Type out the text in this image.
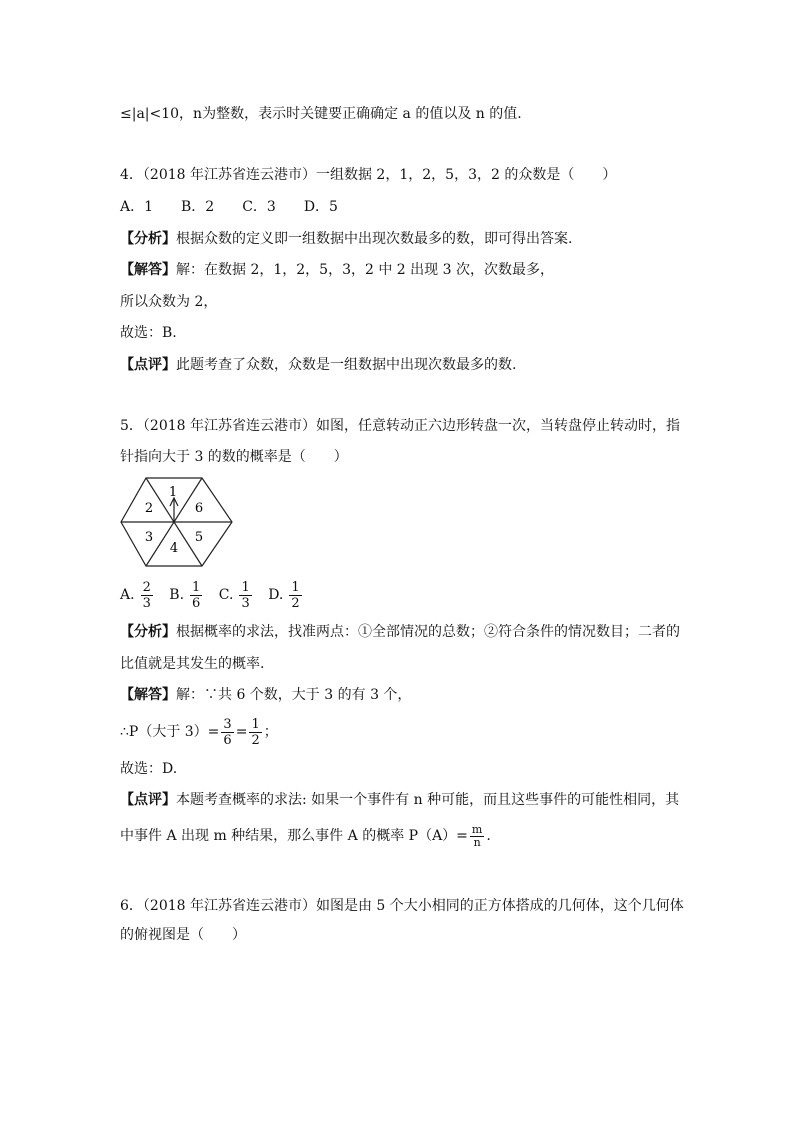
≤|a|<10，n为整数，表示时关键要正确确定 a 的值以及 n 的值.
4．（2018 年江苏省连云港市）一组数据 2，1，2，5，3，2 的众数是（　　）
A．1　　B．2　　C．3　　D．5
【分析】根据众数的定义即一组数据中出现次数最多的数，即可得出答案.
【解答】解：在数据 2，1，2，5，3，2 中 2 出现 3 次，次数最多，
所以众数为 2，
故选：B.
【点评】此题考查了众数，众数是一组数据中出现次数最多的数.
5．（2018 年江苏省连云港市）如图，任意转动正六边形转盘一次，当转盘停止转动时，指
针指向大于 3 的数的概率是（　　）
1
6
5
4
3
2
A. $\frac{2}{3}$
B. $\frac{1}{6}$
C. $\frac{1}{3}$
D. $\frac{1}{2}$
【分析】根据概率的求法，找准两点：①全部情况的总数；②符合条件的情况数目；二者的
比值就是其发生的概率.
【解答】解：∵共 6 个数，大于 3 的有 3 个，
∴P（大于 $3)= \frac{3}{6} = \frac{1}{2}$ ；
故选：D.
【点评】本题考查概率的求法: 如果一个事件有 n 种可能，而且这些事件的可能性相同，其
中事件 A 出现 m 种结果，那么事件 A 的概率 $P(A)= \frac{m}{n}$ .
6．（2018 年江苏省连云港市）如图是由 5 个大小相同的正方体搭成的几何体，这个几何体
的俯视图是（　　）
